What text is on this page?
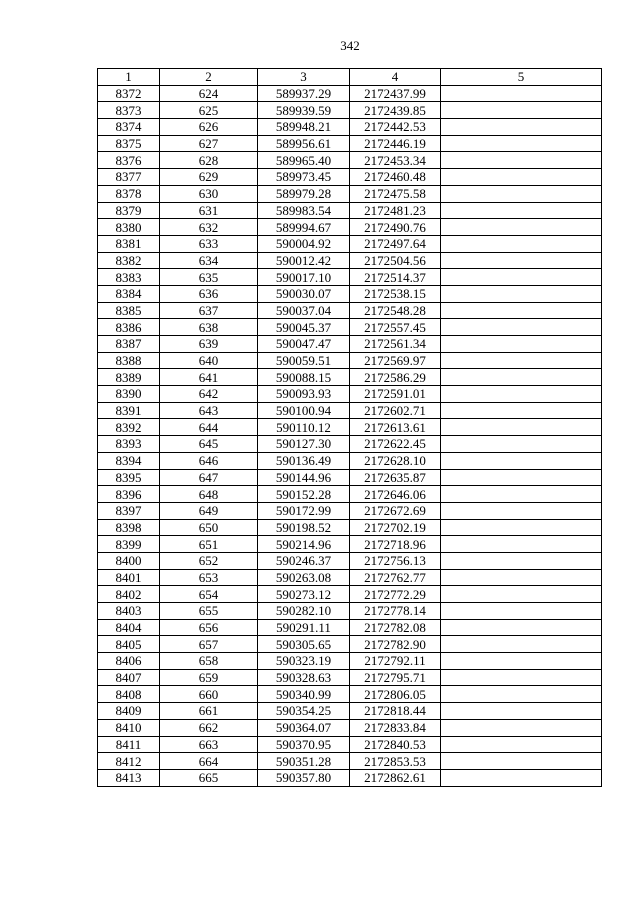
342
1	2	3	4	5
8372	624	589937.29	2172437.99	
8373	625	589939.59	2172439.85	
8374	626	589948.21	2172442.53	
8375	627	589956.61	2172446.19	
8376	628	589965.40	2172453.34	
8377	629	589973.45	2172460.48	
8378	630	589979.28	2172475.58	
8379	631	589983.54	2172481.23	
8380	632	589994.67	2172490.76	
8381	633	590004.92	2172497.64	
8382	634	590012.42	2172504.56	
8383	635	590017.10	2172514.37	
8384	636	590030.07	2172538.15	
8385	637	590037.04	2172548.28	
8386	638	590045.37	2172557.45	
8387	639	590047.47	2172561.34	
8388	640	590059.51	2172569.97	
8389	641	590088.15	2172586.29	
8390	642	590093.93	2172591.01	
8391	643	590100.94	2172602.71	
8392	644	590110.12	2172613.61	
8393	645	590127.30	2172622.45	
8394	646	590136.49	2172628.10	
8395	647	590144.96	2172635.87	
8396	648	590152.28	2172646.06	
8397	649	590172.99	2172672.69	
8398	650	590198.52	2172702.19	
8399	651	590214.96	2172718.96	
8400	652	590246.37	2172756.13	
8401	653	590263.08	2172762.77	
8402	654	590273.12	2172772.29	
8403	655	590282.10	2172778.14	
8404	656	590291.11	2172782.08	
8405	657	590305.65	2172782.90	
8406	658	590323.19	2172792.11	
8407	659	590328.63	2172795.71	
8408	660	590340.99	2172806.05	
8409	661	590354.25	2172818.44	
8410	662	590364.07	2172833.84	
8411	663	590370.95	2172840.53	
8412	664	590351.28	2172853.53	
8413	665	590357.80	2172862.61	
